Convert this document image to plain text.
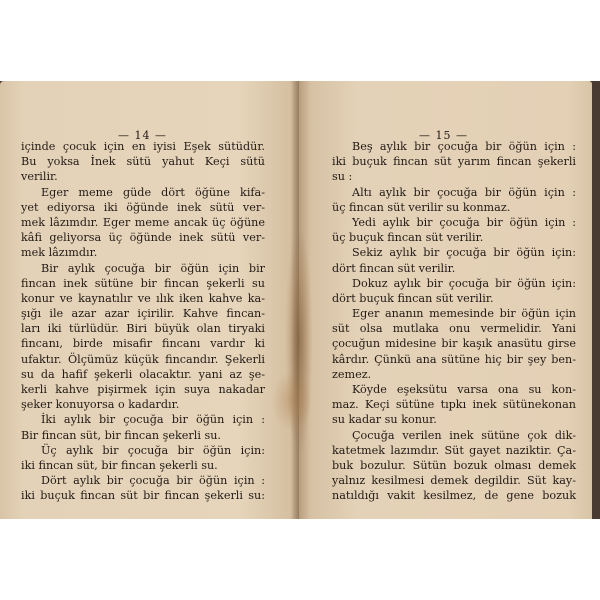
— 14 —
içinde çocuk için en iyisi Eşek sütüdür.
Bu yoksa İnek sütü yahut Keçi sütü
verilir.
Eger meme güde dört öğüne kifa-
yet ediyorsa iki öğünde inek sütü ver-
mek lâzımdır. Eger meme ancak üç öğüne
kâfi geliyorsa üç öğünde inek sütü ver-
mek lâzımdır.
Bir aylık çocuğa bir öğün için bir
fincan inek sütüne bir fincan şekerli su
konur ve kaynatılır ve ılık iken kahve ka-
şığı ile azar azar içirilir. Kahve fincan-
ları iki türlüdür. Biri büyük olan tiryaki
fincanı, birde misafir fincanı vardır ki
ufaktır. Ölçümüz küçük fincandır. Şekerli
su da hafif şekerli olacaktır. yani az şe-
kerli kahve pişirmek için suya nakadar
şeker konuyorsa o kadardır.
İki aylık bir çocuğa bir öğün için :
Bir fincan süt, bir fincan şekerli su.
Üç aylık bir çocuğa bir öğün için:
iki fincan süt, bir fincan şekerli su.
Dört aylık bir çocuğa bir öğün için :
iki buçuk fincan süt bir fincan şekerli su:
— 15 —
Beş aylık bir çocuğa bir öğün için :
iki buçuk fincan süt yarım fincan şekerli
su :
Altı aylık bir çocuğa bir öğün için :
üç fincan süt verilir su konmaz.
Yedi aylık bir çocuğa bir öğün için :
üç buçuk fincan süt verilir.
Sekiz aylık bir çocuğa bir öğün için:
dört fincan süt verilir.
Dokuz aylık bir çocuğa bir öğün için:
dört buçuk fincan süt verilir.
Eger ananın memesinde bir öğün için
süt olsa mutlaka onu vermelidir. Yani
çocuğun midesine bir kaşık anasütu girse
kârdır. Çünkü ana sütüne hiç bir şey ben-
zemez.
Köyde eşeksütu varsa ona su kon-
maz. Keçi sütüne tıpkı inek sütünekonan
su kadar su konur.
Çocuğa verilen inek sütüne çok dik-
katetmek lazımdır. Süt gayet naziktir. Ça-
buk bozulur. Sütün bozuk olması demek
yalnız kesilmesi demek degildir. Süt kay-
natıldığı vakit kesilmez, de gene bozuk
